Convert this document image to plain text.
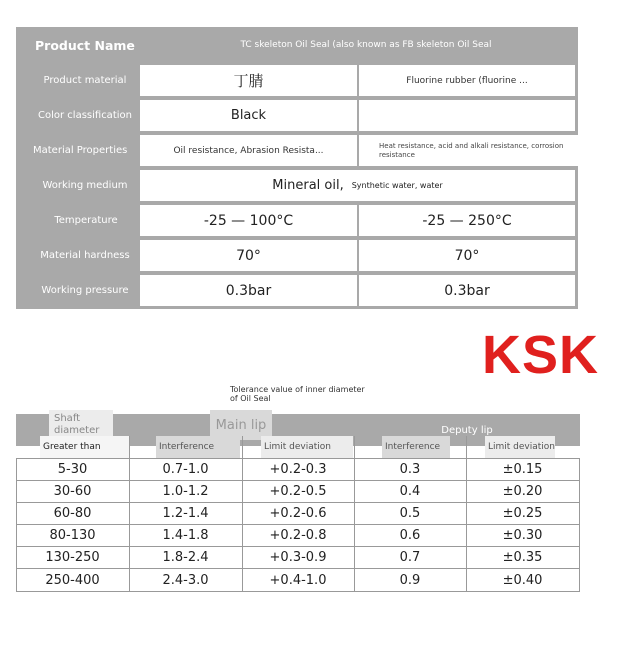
Product Name	TC skeleton Oil Seal (also known as FB skeleton Oil Seal
Product material	丁腈	Fluorine rubber (fluorine ...
Color classification	Black
Material Properties	Oil resistance, Abrasion Resista...	Heat resistance, acid and alkali resistance, corrosion resistance
Working medium	Mineral oil, Synthetic water, water
Temperature	-25 — 100°C	-25 — 250°C
Material hardness	70°	70°
Working pressure	0.3bar	0.3bar
KSK
Tolerance value of inner diameter of Oil Seal
Shaft diameter	Main lip	Deputy lip
Greater than	Interference	Limit deviation	Interference	Limit deviation
5-30	0.7-1.0	+0.2-0.3	0.3	±0.15
30-60	1.0-1.2	+0.2-0.5	0.4	±0.20
60-80	1.2-1.4	+0.2-0.6	0.5	±0.25
80-130	1.4-1.8	+0.2-0.8	0.6	±0.30
130-250	1.8-2.4	+0.3-0.9	0.7	±0.35
250-400	2.4-3.0	+0.4-1.0	0.9	±0.40
